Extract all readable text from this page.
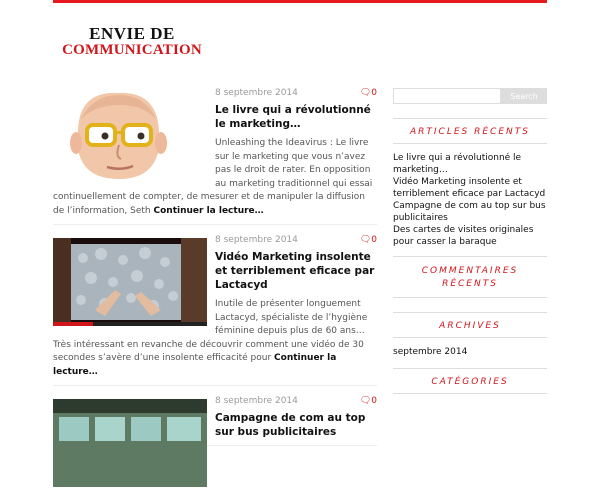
ENVIE DE
COMMUNICATION
8 septembre 2014	🗨︎0
Le livre qui a révolutionné le marketing…

Unleashing the Ideavirus : Le livre sur le marketing que vous n’avez pas le droit de rater. En opposition au marketing traditionnel qui essai continuellement de compter, de mesurer et de manipuler la diffusion de l’information, Seth Continuer la lecture…

8 septembre 2014	🗨︎0
Vidéo Marketing insolente et terriblement eficace par Lactacyd

Inutile de présenter longuement Lactacyd, spécialiste de l’hygiène féminine depuis plus de 60 ans… Très intéressant en revanche de découvrir comment une vidéo de 30 secondes s’avère d’une insolente efficacité pour Continuer la lecture…

8 septembre 2014	🗨︎0
Campagne de com au top sur bus publicitaires
Search
ARTICLES RÉCENTS
Le livre qui a révolutionné le marketing…
Vidéo Marketing insolente et terriblement eficace par Lactacyd
Campagne de com au top sur bus publicitaires
Des cartes de visites originales pour casser la baraque
COMMENTAIRES RÉCENTS
ARCHIVES
septembre 2014
CATÉGORIES
